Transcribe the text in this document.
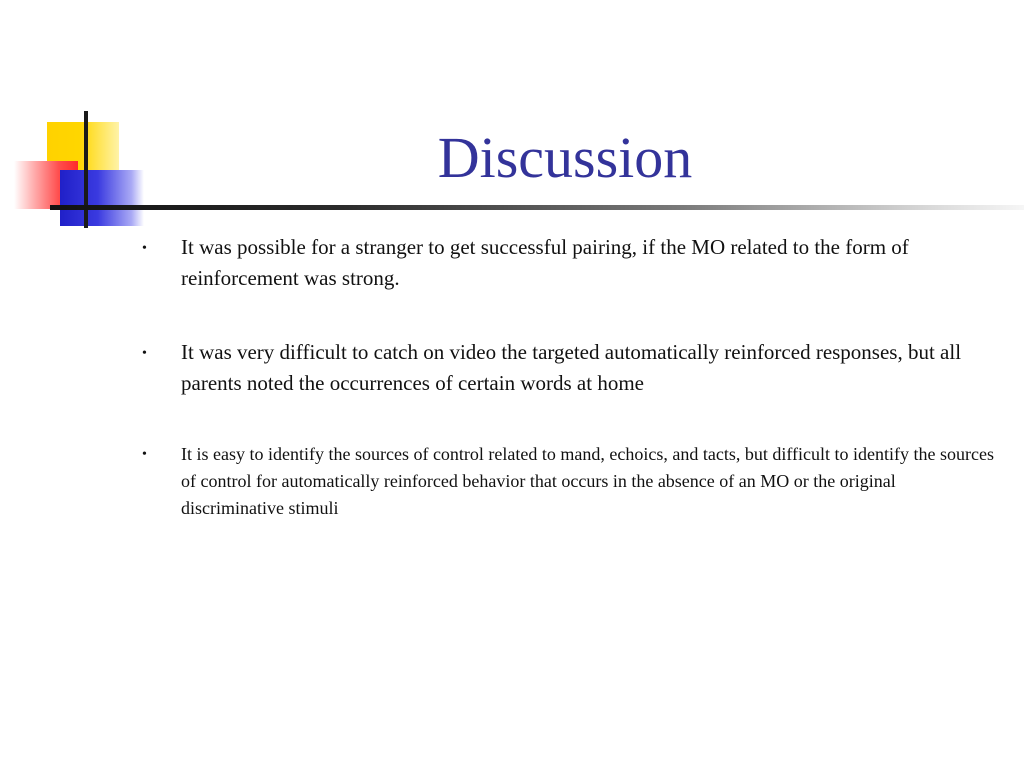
Discussion
• It was possible for a stranger to get successful pairing, if the MO related to the form of reinforcement was strong.
• It was very difficult to catch on video the targeted automatically reinforced responses, but all parents noted the occurrences of certain words at home
• It is easy to identify the sources of control related to mand, echoics, and tacts, but difficult to identify the sources of control for automatically reinforced behavior that occurs in the absence of an MO or the original discriminative stimuli
